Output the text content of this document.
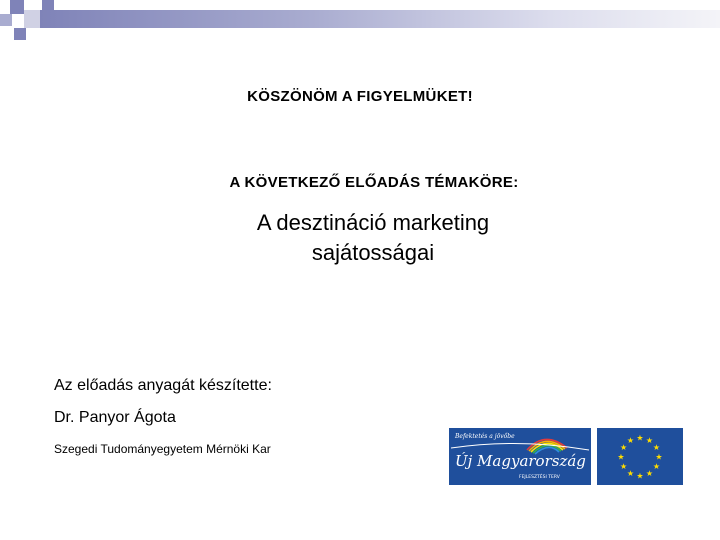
KÖSZÖNÖM A FIGYELMÜKET!
A KÖVETKEZŐ ELŐADÁS TÉMAKÖRE:
A desztináció marketing
sajátosságai
Az előadás anyagát készítette:
Dr. Panyor Ágota
Szegedi Tudományegyetem Mérnöki Kar
Befektetés a jövőbe
Új Magyarország
FEJLESZTÉSI TERV
★ ★
★
★
★
★
★
★
★
★
★
★
